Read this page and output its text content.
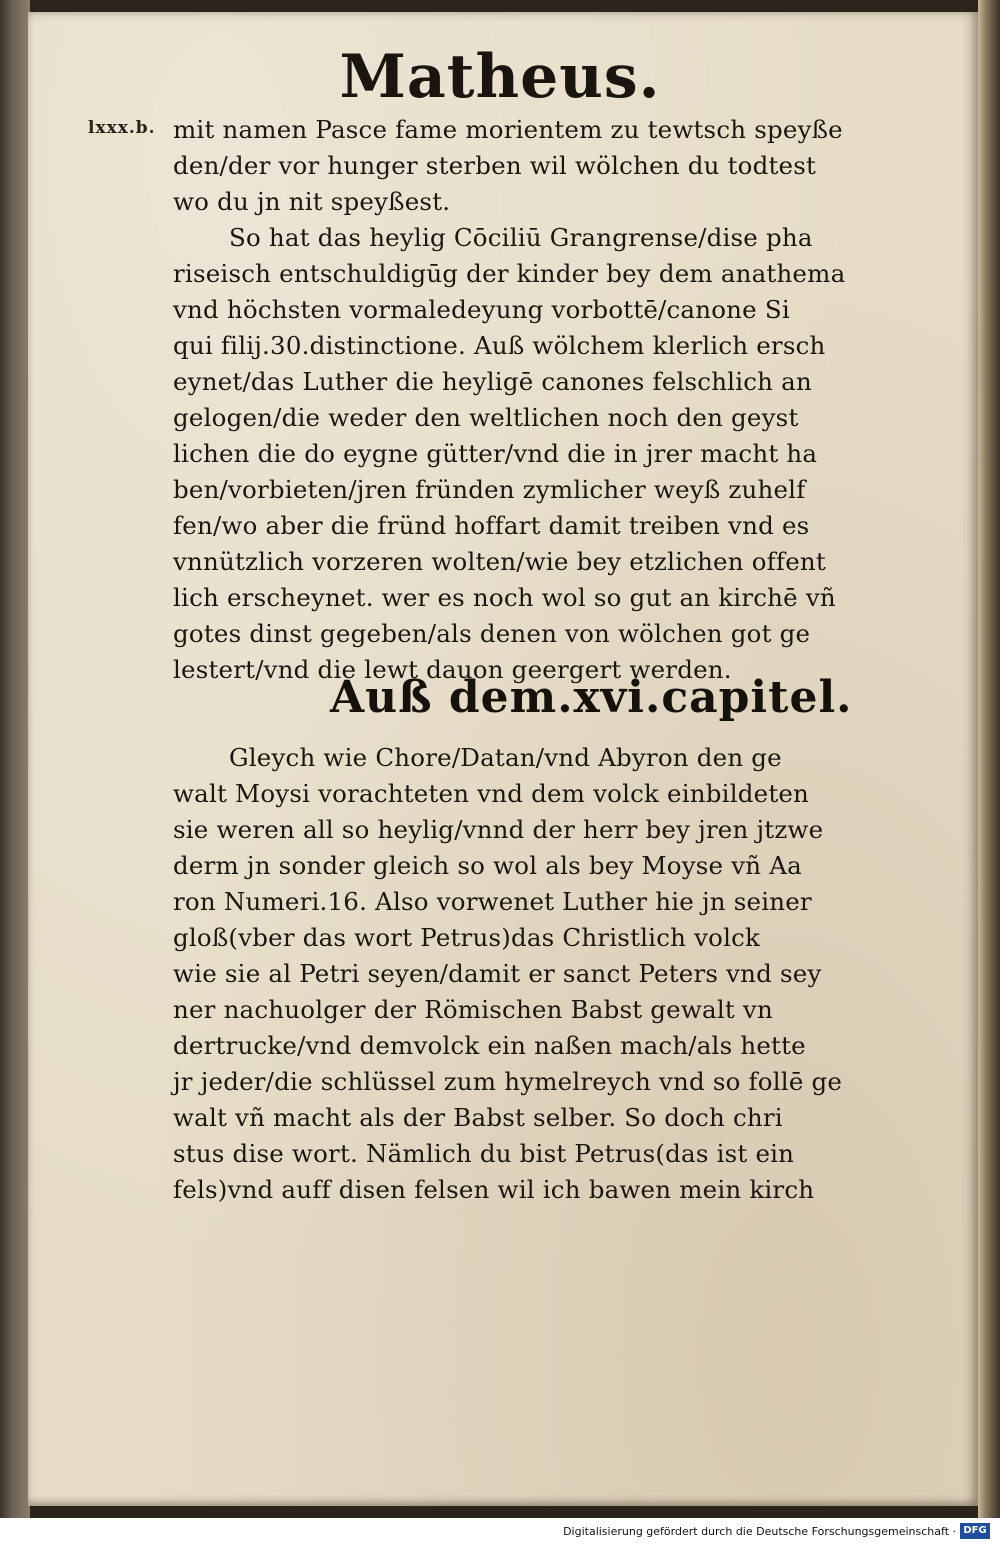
Matheus.
lxxx.b. mit namen Pasce fame morientem zu tewtsch speyße
den/der vor hunger sterben wil wölchen du todtest
wo du jn nit speyßest.
So hat das heylig Cōciliū Grangrense/dise pha
riseisch entschuldigūg der kinder bey dem anathema
vnd höchsten vormaledeyung vorbottē/canone Si
qui filij.30.distinctione. Auß wölchem klerlich ersch
eynet/das Luther die heyligē canones felschlich an
gelogen/die weder den weltlichen noch den geyst
lichen die do eygne gütter/vnd die in jrer macht ha
ben/vorbieten/jren fründen zymlicher weyß zuhelf
fen/wo aber die fründ hoffart damit treiben vnd es
vnnützlich vorzeren wolten/wie bey etzlichen offent
lich erscheynet. wer es noch wol so gut an kirchē vñ
gotes dinst gegeben/als denen von wölchen got ge
lestert/vnd die lewt dauon geergert werden.
Auß dem.xvi.capitel.
Gleych wie Chore/Datan/vnd Abyron den ge
walt Moysi vorachteten vnd dem volck einbildeten
sie weren all so heylig/vnnd der herr bey jren jtzwe
derm jn sonder gleich so wol als bey Moyse vñ Aa
ron Numeri.16. Also vorwenet Luther hie jn seiner
gloß(vber das wort Petrus)das Christlich volck
wie sie al Petri seyen/damit er sanct Peters vnd sey
ner nachuolger der Römischen Babst gewalt vn
dertrucke/vnd demvolck ein naßen mach/als hette
jr jeder/die schlüssel zum hymelreych vnd so follē ge
walt vñ macht als der Babst selber. So doch chri
stus dise wort. Nämlich du bist Petrus(das ist ein
fels)vnd auff disen felsen wil ich bawen mein kirch
Digitalisierung gefördert durch die Deutsche Forschungsgemeinschaft · DFG
